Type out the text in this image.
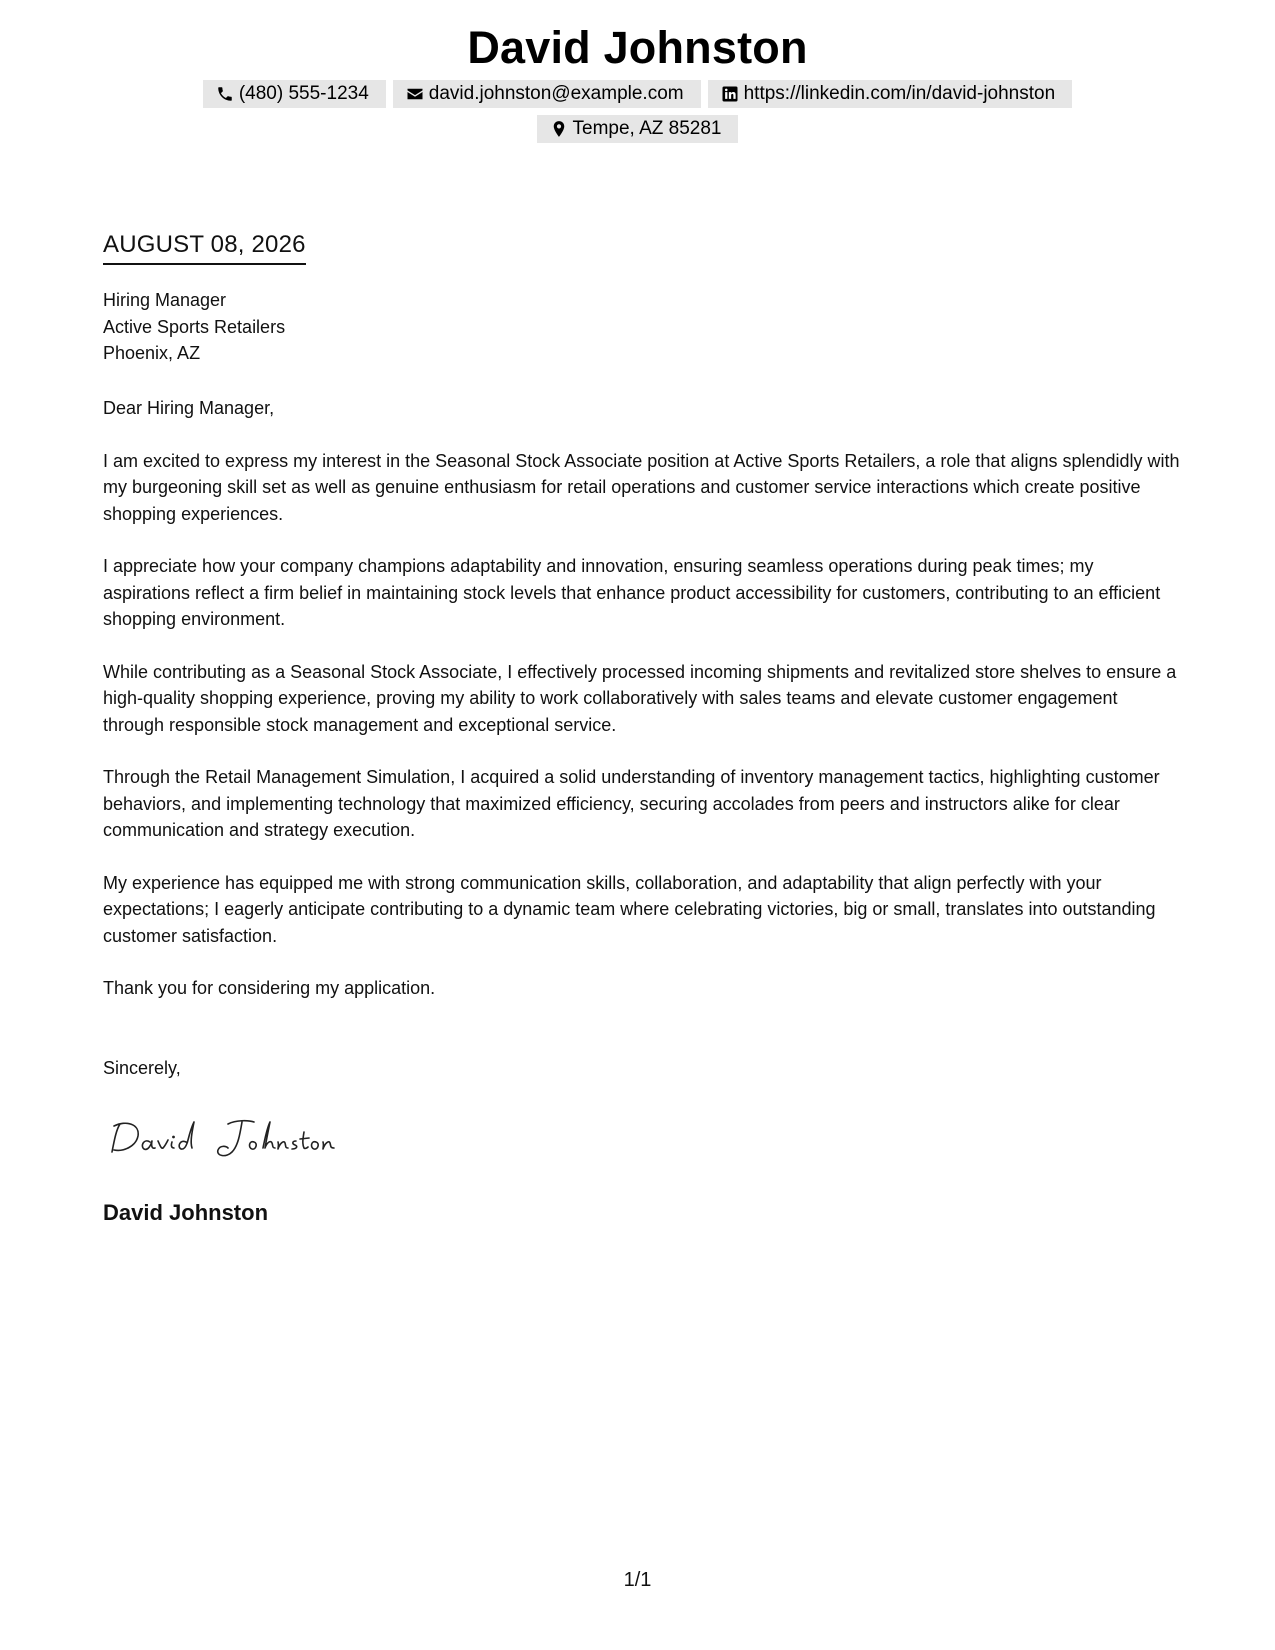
David Johnston
(480) 555-1234	david.johnston@example.com	https://linkedin.com/in/david-johnston
Tempe, AZ 85281
AUGUST 08, 2026
Hiring Manager
Active Sports Retailers
Phoenix, AZ

Dear Hiring Manager,

I am excited to express my interest in the Seasonal Stock Associate position at Active Sports Retailers, a role that aligns splendidly with my burgeoning skill set as well as genuine enthusiasm for retail operations and customer service interactions which create positive shopping experiences.

I appreciate how your company champions adaptability and innovation, ensuring seamless operations during peak times; my aspirations reflect a firm belief in maintaining stock levels that enhance product accessibility for customers, contributing to an efficient shopping environment.

While contributing as a Seasonal Stock Associate, I effectively processed incoming shipments and revitalized store shelves to ensure a high-quality shopping experience, proving my ability to work collaboratively with sales teams and elevate customer engagement through responsible stock management and exceptional service.

Through the Retail Management Simulation, I acquired a solid understanding of inventory management tactics, highlighting customer behaviors, and implementing technology that maximized efficiency, securing accolades from peers and instructors alike for clear communication and strategy execution.

My experience has equipped me with strong communication skills, collaboration, and adaptability that align perfectly with your expectations; I eagerly anticipate contributing to a dynamic team where celebrating victories, big or small, translates into outstanding customer satisfaction.

Thank you for considering my application.

Sincerely,
David Johnston
1/1
